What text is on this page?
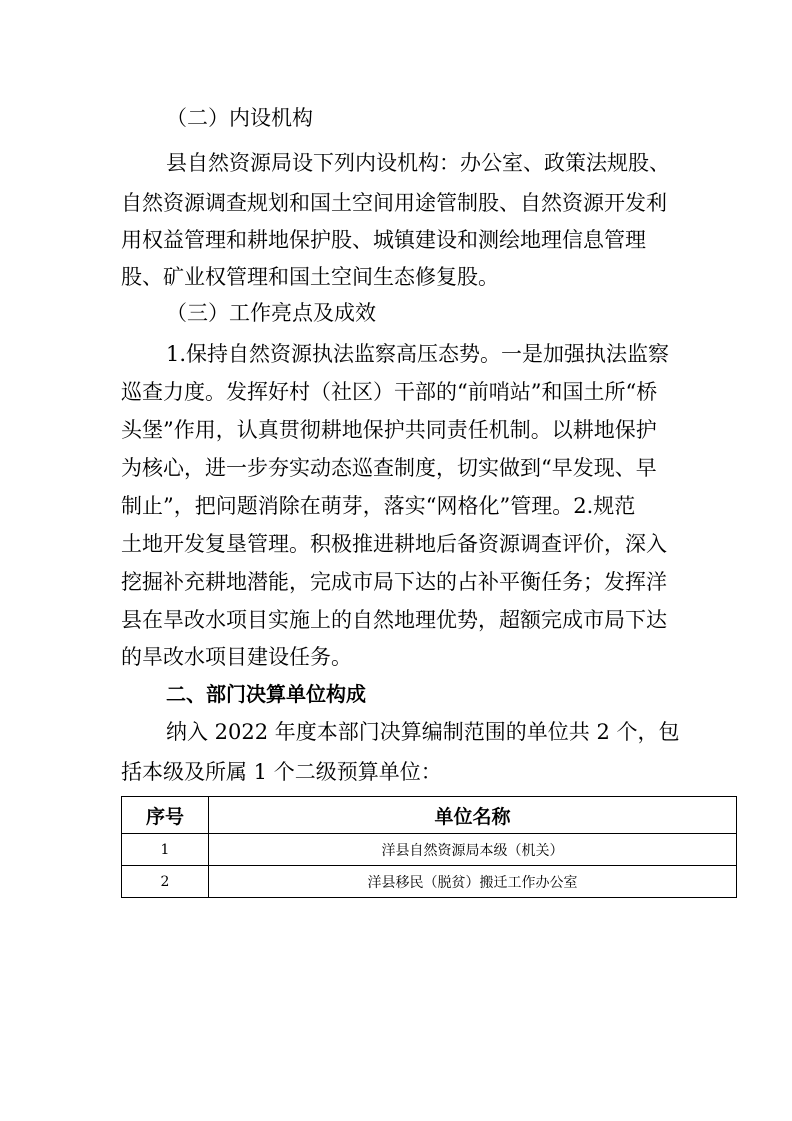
（二）内设机构
县自然资源局设下列内设机构：办公室、政策法规股、
自然资源调查规划和国土空间用途管制股、自然资源开发利
用权益管理和耕地保护股、城镇建设和测绘地理信息管理
股、矿业权管理和国土空间生态修复股。
（三）工作亮点及成效
1.保持自然资源执法监察高压态势。一是加强执法监察
巡查力度。发挥好村（社区）干部的“前哨站”和国土所“桥
头堡”作用，认真贯彻耕地保护共同责任机制。以耕地保护
为核心，进一步夯实动态巡查制度，切实做到“早发现、早
制止”，把问题消除在萌芽，落实“网格化”管理。2.规范
土地开发复垦管理。积极推进耕地后备资源调查评价，深入
挖掘补充耕地潜能，完成市局下达的占补平衡任务；发挥洋
县在旱改水项目实施上的自然地理优势，超额完成市局下达
的旱改水项目建设任务。
二、部门决算单位构成
纳入 2022 年度本部门决算编制范围的单位共 2 个，包
括本级及所属 1 个二级预算单位：
序号	单位名称
1	洋县自然资源局本级（机关）
2	洋县移民（脱贫）搬迁工作办公室
